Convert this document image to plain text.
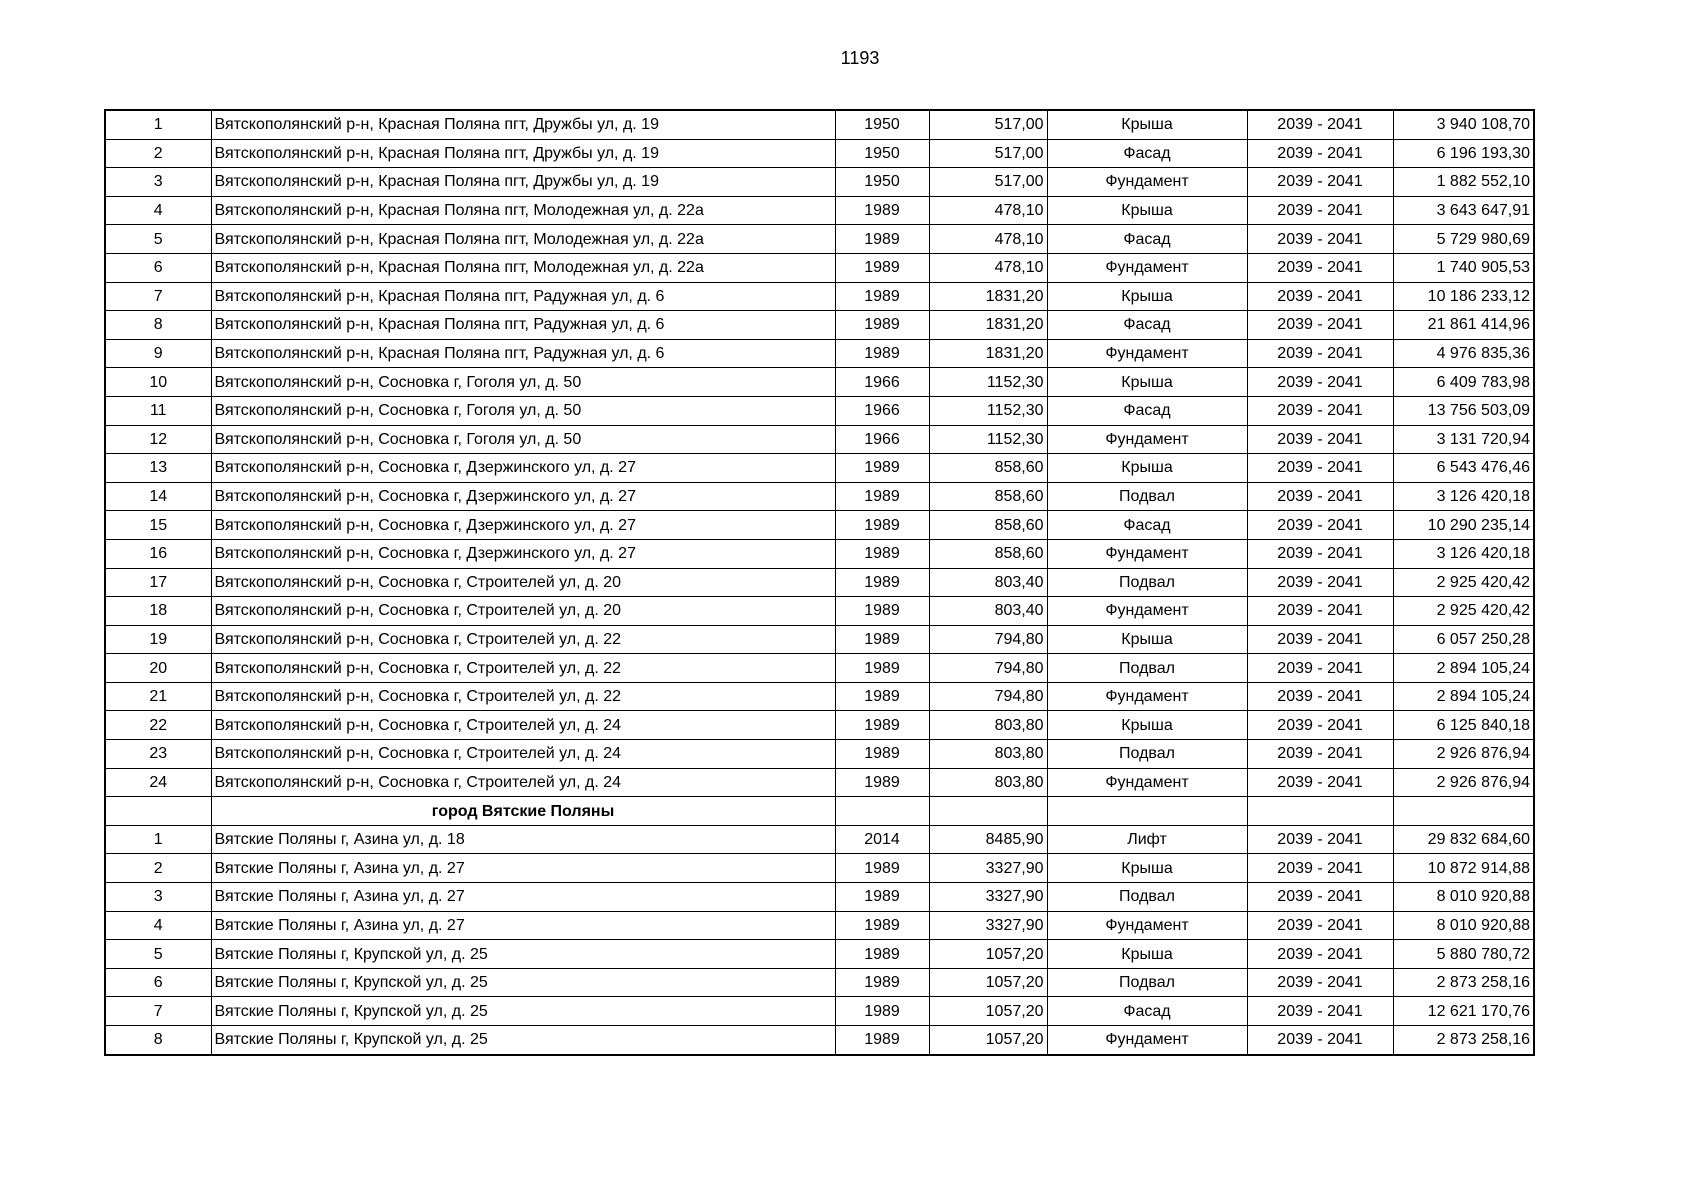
1193
1	Вятскополянский р-н, Красная Поляна пгт, Дружбы ул, д. 19	1950	517,00	Крыша	2039 - 2041	3 940 108,70
2	Вятскополянский р-н, Красная Поляна пгт, Дружбы ул, д. 19	1950	517,00	Фасад	2039 - 2041	6 196 193,30
3	Вятскополянский р-н, Красная Поляна пгт, Дружбы ул, д. 19	1950	517,00	Фундамент	2039 - 2041	1 882 552,10
4	Вятскополянский р-н, Красная Поляна пгт, Молодежная ул, д. 22а	1989	478,10	Крыша	2039 - 2041	3 643 647,91
5	Вятскополянский р-н, Красная Поляна пгт, Молодежная ул, д. 22а	1989	478,10	Фасад	2039 - 2041	5 729 980,69
6	Вятскополянский р-н, Красная Поляна пгт, Молодежная ул, д. 22а	1989	478,10	Фундамент	2039 - 2041	1 740 905,53
7	Вятскополянский р-н, Красная Поляна пгт, Радужная ул, д. 6	1989	1831,20	Крыша	2039 - 2041	10 186 233,12
8	Вятскополянский р-н, Красная Поляна пгт, Радужная ул, д. 6	1989	1831,20	Фасад	2039 - 2041	21 861 414,96
9	Вятскополянский р-н, Красная Поляна пгт, Радужная ул, д. 6	1989	1831,20	Фундамент	2039 - 2041	4 976 835,36
10	Вятскополянский р-н, Сосновка г, Гоголя ул, д. 50	1966	1152,30	Крыша	2039 - 2041	6 409 783,98
11	Вятскополянский р-н, Сосновка г, Гоголя ул, д. 50	1966	1152,30	Фасад	2039 - 2041	13 756 503,09
12	Вятскополянский р-н, Сосновка г, Гоголя ул, д. 50	1966	1152,30	Фундамент	2039 - 2041	3 131 720,94
13	Вятскополянский р-н, Сосновка г, Дзержинского ул, д. 27	1989	858,60	Крыша	2039 - 2041	6 543 476,46
14	Вятскополянский р-н, Сосновка г, Дзержинского ул, д. 27	1989	858,60	Подвал	2039 - 2041	3 126 420,18
15	Вятскополянский р-н, Сосновка г, Дзержинского ул, д. 27	1989	858,60	Фасад	2039 - 2041	10 290 235,14
16	Вятскополянский р-н, Сосновка г, Дзержинского ул, д. 27	1989	858,60	Фундамент	2039 - 2041	3 126 420,18
17	Вятскополянский р-н, Сосновка г, Строителей ул, д. 20	1989	803,40	Подвал	2039 - 2041	2 925 420,42
18	Вятскополянский р-н, Сосновка г, Строителей ул, д. 20	1989	803,40	Фундамент	2039 - 2041	2 925 420,42
19	Вятскополянский р-н, Сосновка г, Строителей ул, д. 22	1989	794,80	Крыша	2039 - 2041	6 057 250,28
20	Вятскополянский р-н, Сосновка г, Строителей ул, д. 22	1989	794,80	Подвал	2039 - 2041	2 894 105,24
21	Вятскополянский р-н, Сосновка г, Строителей ул, д. 22	1989	794,80	Фундамент	2039 - 2041	2 894 105,24
22	Вятскополянский р-н, Сосновка г, Строителей ул, д. 24	1989	803,80	Крыша	2039 - 2041	6 125 840,18
23	Вятскополянский р-н, Сосновка г, Строителей ул, д. 24	1989	803,80	Подвал	2039 - 2041	2 926 876,94
24	Вятскополянский р-н, Сосновка г, Строителей ул, д. 24	1989	803,80	Фундамент	2039 - 2041	2 926 876,94
	город Вятские Поляны					
1	Вятские Поляны г, Азина ул, д. 18	2014	8485,90	Лифт	2039 - 2041	29 832 684,60
2	Вятские Поляны г, Азина ул, д. 27	1989	3327,90	Крыша	2039 - 2041	10 872 914,88
3	Вятские Поляны г, Азина ул, д. 27	1989	3327,90	Подвал	2039 - 2041	8 010 920,88
4	Вятские Поляны г, Азина ул, д. 27	1989	3327,90	Фундамент	2039 - 2041	8 010 920,88
5	Вятские Поляны г, Крупской ул, д. 25	1989	1057,20	Крыша	2039 - 2041	5 880 780,72
6	Вятские Поляны г, Крупской ул, д. 25	1989	1057,20	Подвал	2039 - 2041	2 873 258,16
7	Вятские Поляны г, Крупской ул, д. 25	1989	1057,20	Фасад	2039 - 2041	12 621 170,76
8	Вятские Поляны г, Крупской ул, д. 25	1989	1057,20	Фундамент	2039 - 2041	2 873 258,16
